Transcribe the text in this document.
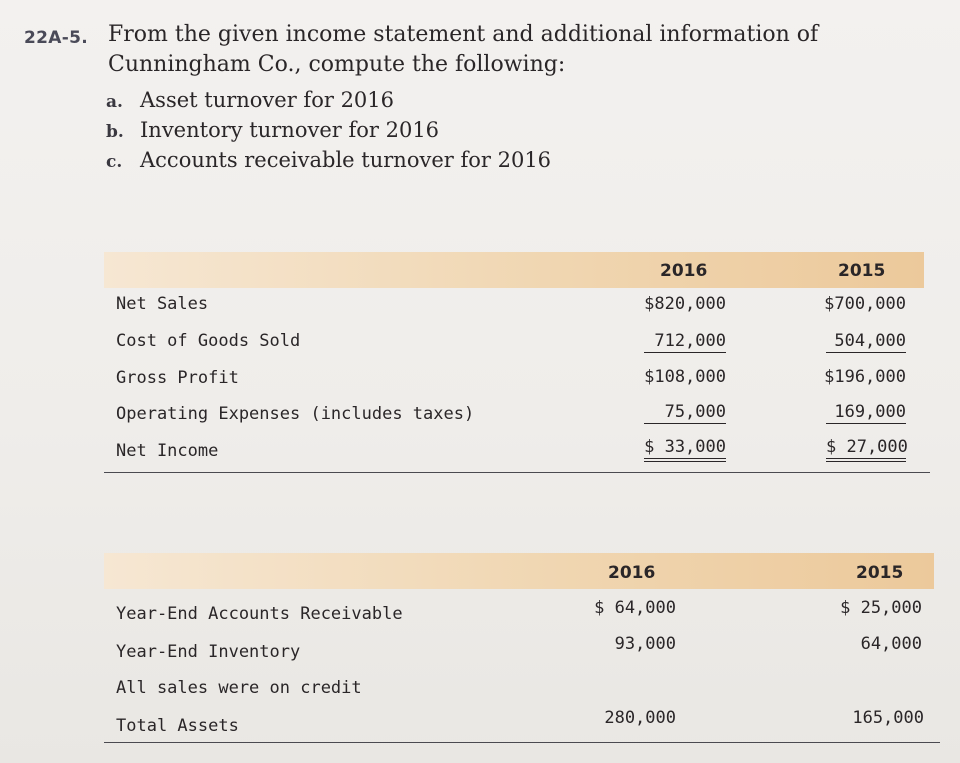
22A-5. From the given income statement and additional information of

Cunningham Co., compute the following:

a. Asset turnover for 2016
b. Inventory turnover for 2016
c. Accounts receivable turnover for 2016
2016	2015
Net Sales	$820,000	$700,000
Cost of Goods Sold	712,000	504,000
Gross Profit	$108,000	$196,000
Operating Expenses (includes taxes)	75,000	169,000
Net Income	$ 33,000	$ 27,000
2016	2015
Year-End Accounts Receivable	$ 64,000	$ 25,000
Year-End Inventory	93,000	64,000
All sales were on credit
Total Assets	280,000	165,000
